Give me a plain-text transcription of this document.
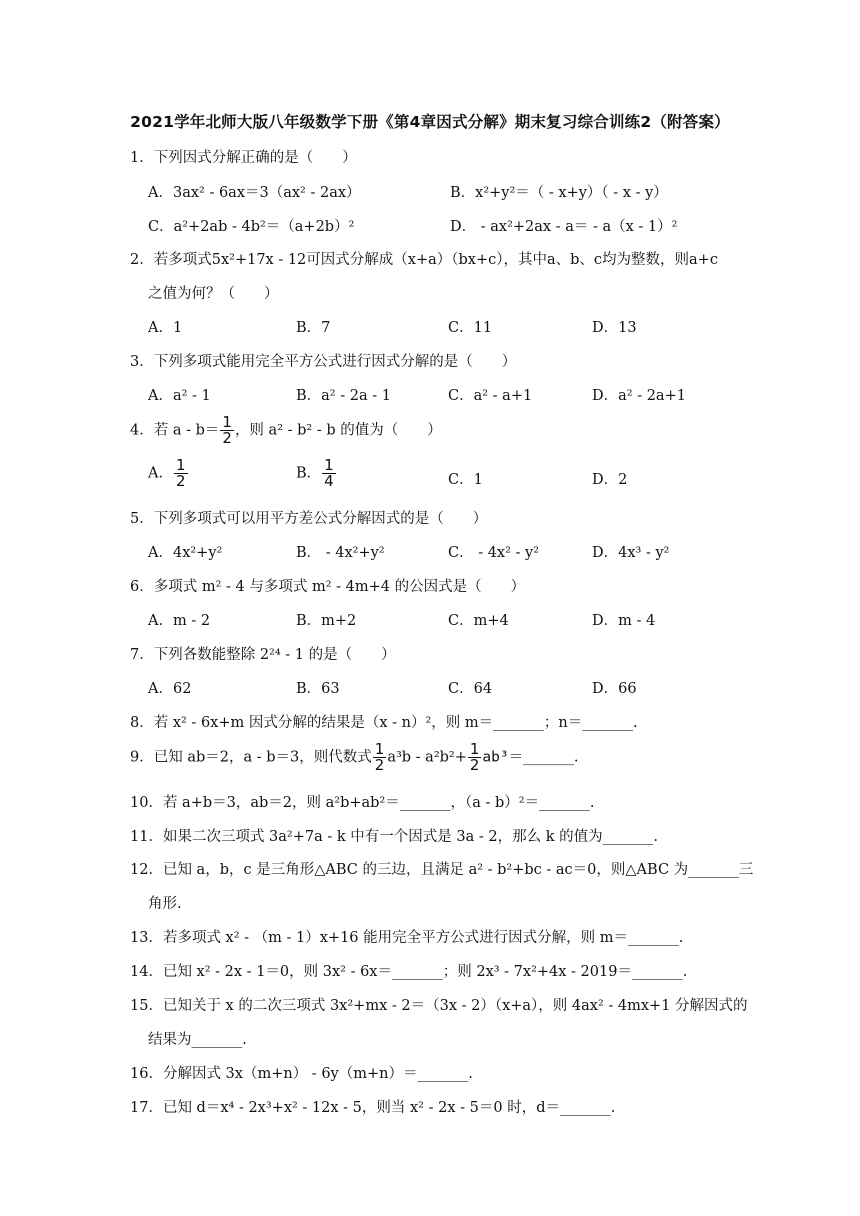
2021学年北师大版八年级数学下册《第4章因式分解》期末复习综合训练2（附答案）
1．下列因式分解正确的是（　　）
A．3ax² - 6ax＝3（ax² - 2ax）	B．x²+y²＝（ - x+y）（ - x - y）
C．a²+2ab - 4b²＝（a+2b）²	D． - ax²+2ax - a＝ - a（x - 1）²
2．若多项式5x²+17x - 12可因式分解成（x+a）（bx+c），其中a、b、c均为整数，则a+c
之值为何？（　　）
A．1	B．7	C．11	D．13
3．下列多项式能用完全平方公式进行因式分解的是（　　）
A．a² - 1	B．a² - 2a - 1	C．a² - a+1	D．a² - 2a+1
4．若 $a - b= \frac{1}{2}$ ，则 a² - b² - b 的值为（　　）
A． $\frac{1}{2}$	B． $\frac{1}{4}$	C．1	D．2
5．下列多项式可以用平方差公式分解因式的是（　　）
A．4x²+y²	B． - 4x²+y²	C． - 4x² - y²	D．4x³ - y²
6．多项式 m² - 4 与多项式 m² - 4m+4 的公因式是（　　）
A．m - 2	B．m+2	C．m+4	D．m - 4
7．下列各数能整除 2²⁴ - 1 的是（　　）
A．62	B．63	C．64	D．66
8．若 x² - 6x+m 因式分解的结果是（x - n）²，则 m＝_______；n＝_______.
9．已知 ab＝2，a - b＝3，则代数式 $\frac{1}{2} a^3b - a^2b^2+ \frac{1}{2}$ ab³＝_______.
10．若 a+b＝3，ab＝2，则 a²b+ab²＝_______，（a - b）²＝_______.
11．如果二次三项式 3a²+7a - k 中有一个因式是 3a - 2，那么 k 的值为_______.
12．已知 a，b，c 是三角形△ABC 的三边，且满足 a² - b²+bc - ac＝0，则△ABC 为_______三
角形.
13．若多项式 x² - （m - 1）x+16 能用完全平方公式进行因式分解，则 m＝_______.
14．已知 x² - 2x - 1＝0，则 3x² - 6x＝_______；则 2x³ - 7x²+4x - 2019＝_______.
15．已知关于 x 的二次三项式 3x²+mx - 2＝（3x - 2）（x+a），则 4ax² - 4mx+1 分解因式的
结果为_______.
16．分解因式 3x（m+n） - 6y（m+n）＝_______.
17．已知 d＝x⁴ - 2x³+x² - 12x - 5，则当 x² - 2x - 5＝0 时，d＝_______.
